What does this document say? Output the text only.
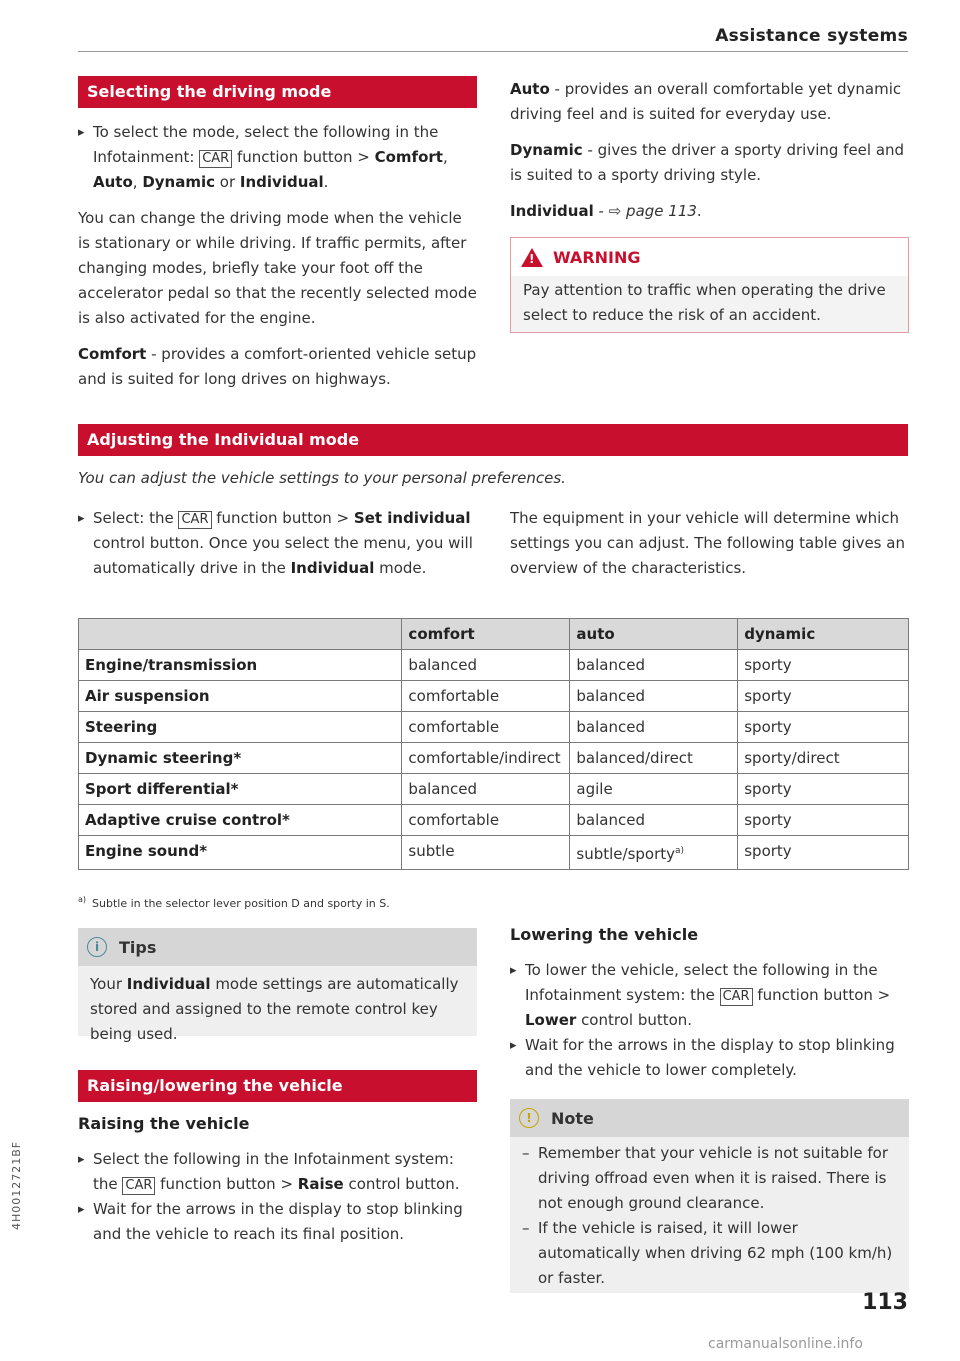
Assistance systems
Selecting the driving mode

▸ To select the mode, select the following in the Infotainment: CAR function button > Comfort, Auto, Dynamic or Individual.

You can change the driving mode when the vehicle is stationary or while driving. If traffic permits, after changing modes, briefly take your foot off the accelerator pedal so that the recently selected mode is also activated for the engine.

Comfort - provides a comfort-oriented vehicle setup and is suited for long drives on highways.

Auto - provides an overall comfortable yet dynamic driving feel and is suited for everyday use.

Dynamic - gives the driver a sporty driving feel and is suited to a sporty driving style.

Individual - ⇨ page 113.

! WARNING

Pay attention to traffic when operating the drive select to reduce the risk of an accident.

Adjusting the Individual mode

You can adjust the vehicle settings to your personal preferences.

▸ Select: the CAR function button > Set individual control button. Once you select the menu, you will automatically drive in the Individual mode.

The equipment in your vehicle will determine which settings you can adjust. The following table gives an overview of the characteristics.

	comfort	auto	dynamic
Engine/transmission	balanced	balanced	sporty
Air suspension	comfortable	balanced	sporty
Steering	comfortable	balanced	sporty
Dynamic steering*	comfortable/indirect	balanced/direct	sporty/direct
Sport differential*	balanced	agile	sporty
Adaptive cruise control*	comfortable	balanced	sporty
Engine sound*	subtle	subtle/sporty$^{a)}$	sporty
$^{a)}$ Subtle in the selector lever position D and sporty in S.
i	Tips

Your Individual mode settings are automatically stored and assigned to the remote control key being used.

Raising/lowering the vehicle
Raising the vehicle

▸ Select the following in the Infotainment system: the CAR function button > Raise control button.

▸ Wait for the arrows in the display to stop blinking and the vehicle to reach its final position.

Lowering the vehicle

▸ To lower the vehicle, select the following in the Infotainment system: the CAR function button > Lower control button.

▸ Wait for the arrows in the display to stop blinking and the vehicle to lower completely.

!	Note

– Remember that your vehicle is not suitable for driving offroad even when it is raised. There is not enough ground clearance.

– If the vehicle is raised, it will lower automatically when driving 62 mph (100 km/h) or faster.

113
carmanualsonline.info
4H0012721BF
